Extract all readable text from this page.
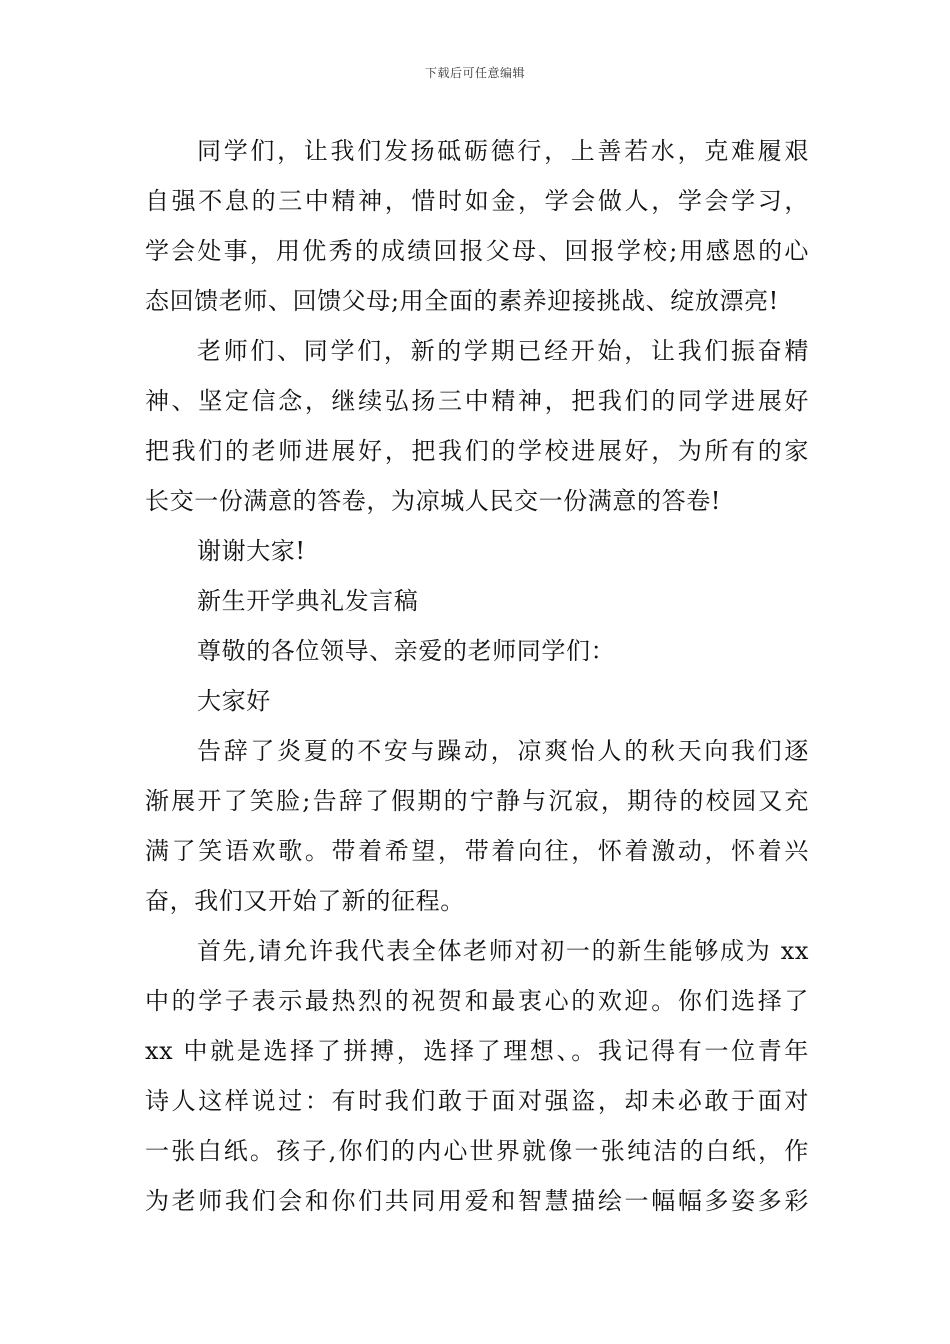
下载后可任意编辑
同学们，让我们发扬砥砺德行，上善若水，克难履艰
自强不息的三中精神，惜时如金，学会做人，学会学习，
学会处事，用优秀的成绩回报父母、回报学校;用感恩的心
态回馈老师、回馈父母;用全面的素养迎接挑战、绽放漂亮!
老师们、同学们，新的学期已经开始，让我们振奋精
神、坚定信念，继续弘扬三中精神，把我们的同学进展好
把我们的老师进展好，把我们的学校进展好，为所有的家
长交一份满意的答卷，为凉城人民交一份满意的答卷!
谢谢大家!
新生开学典礼发言稿
尊敬的各位领导、亲爱的老师同学们：
大家好
告辞了炎夏的不安与躁动，凉爽怡人的秋天向我们逐
渐展开了笑脸;告辞了假期的宁静与沉寂，期待的校园又充
满了笑语欢歌。带着希望，带着向往，怀着激动，怀着兴
奋，我们又开始了新的征程。
首先,请允许我代表全体老师对初一的新生能够成为 xx
中的学子表示最热烈的祝贺和最衷心的欢迎。你们选择了
xx 中就是选择了拼搏，选择了理想、。我记得有一位青年
诗人这样说过：有时我们敢于面对强盗，却未必敢于面对
一张白纸。孩子,你们的内心世界就像一张纯洁的白纸，作
为老师我们会和你们共同用爱和智慧描绘一幅幅多姿多彩
